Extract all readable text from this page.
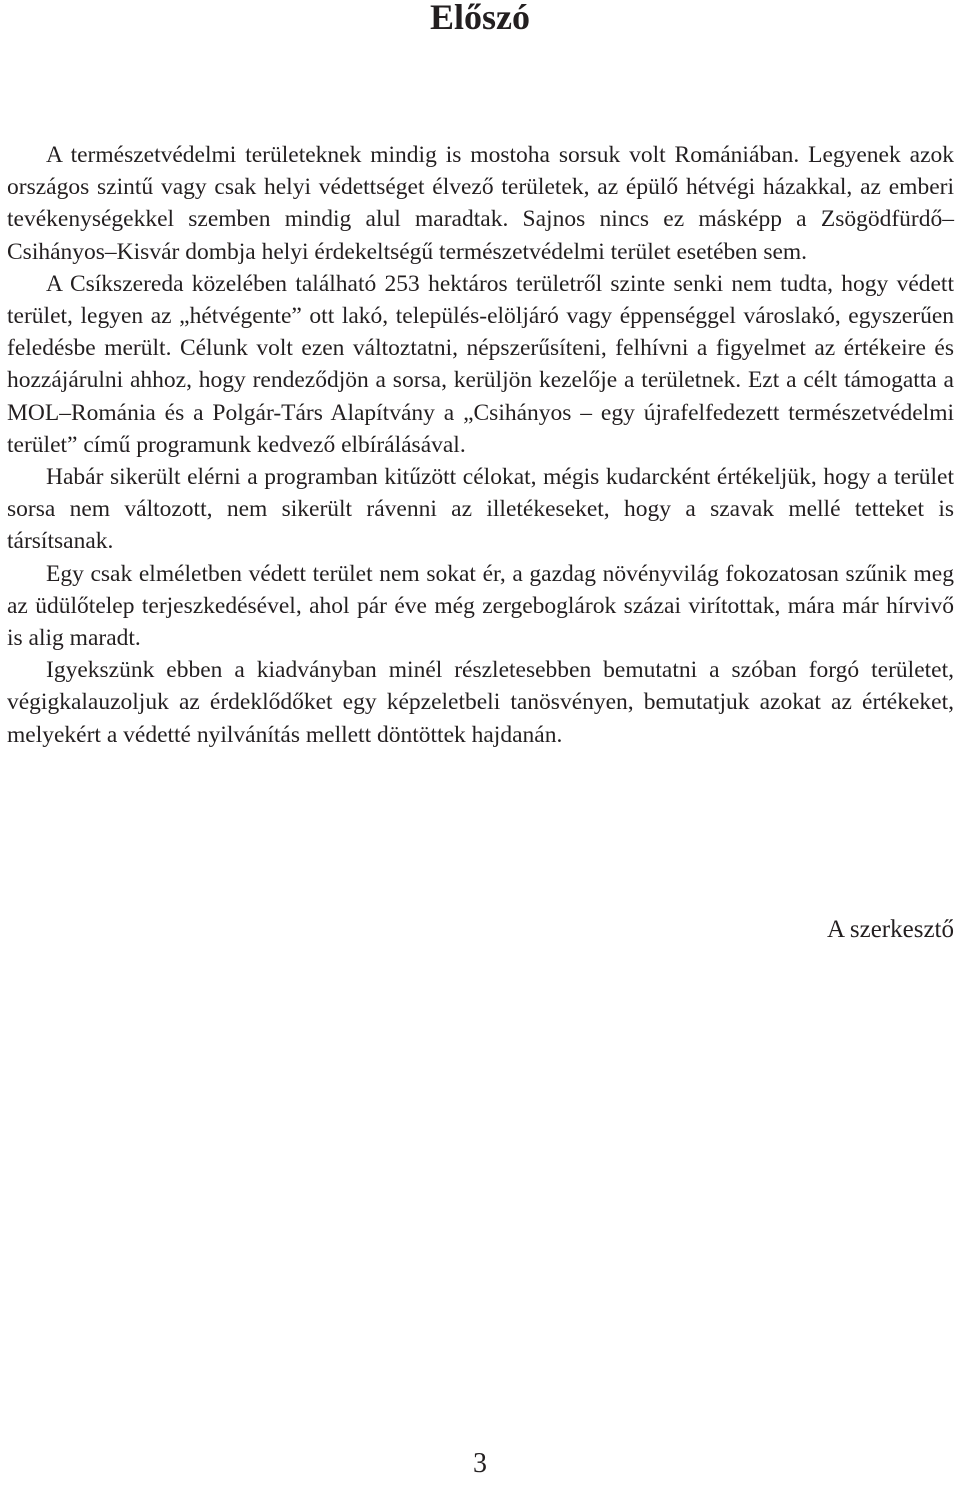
Előszó

A természetvédelmi területeknek mindig is mostoha sorsuk volt Romániában. Legyenek azok országos szintű vagy csak helyi védettséget élvező területek, az épülő hétvégi házakkal, az emberi tevékenységekkel szemben mindig alul maradtak. Sajnos nincs ez másképp a Zsögödfürdő–Csihányos–Kisvár dombja helyi érdekeltségű természetvédelmi terület esetében sem.

A Csíkszereda közelében található 253 hektáros területről szinte senki nem tudta, hogy védett terület, legyen az „hétvégente” ott lakó, település-elöljáró vagy éppenséggel városlakó, egyszerűen feledésbe merült. Célunk volt ezen változtatni, népszerűsíteni, felhívni a figyelmet az értékeire és hozzájárulni ahhoz, hogy rendeződjön a sorsa, kerüljön kezelője a területnek. Ezt a célt támogatta a MOL–Románia és a Polgár-Társ Alapítvány a „Csihányos – egy újrafelfedezett természetvédelmi terület” című programunk kedvező elbírálásával.

Habár sikerült elérni a programban kitűzött célokat, mégis kudarcként értékeljük, hogy a terület sorsa nem változott, nem sikerült rávenni az illetékeseket, hogy a szavak mellé tetteket is társítsanak.

Egy csak elméletben védett terület nem sokat ér, a gazdag növényvilág fokozatosan szűnik meg az üdülőtelep terjeszkedésével, ahol pár éve még zergeboglárok százai virítottak, mára már hírvivő is alig maradt.

Igyekszünk ebben a kiadványban minél részletesebben bemutatni a szóban forgó területet, végigkalauzoljuk az érdeklődőket egy képzeletbeli tanösvényen, bemutatjuk azokat az értékeket, melyekért a védetté nyilvánítás mellett döntöttek hajdanán.

A szerkesztő

3
